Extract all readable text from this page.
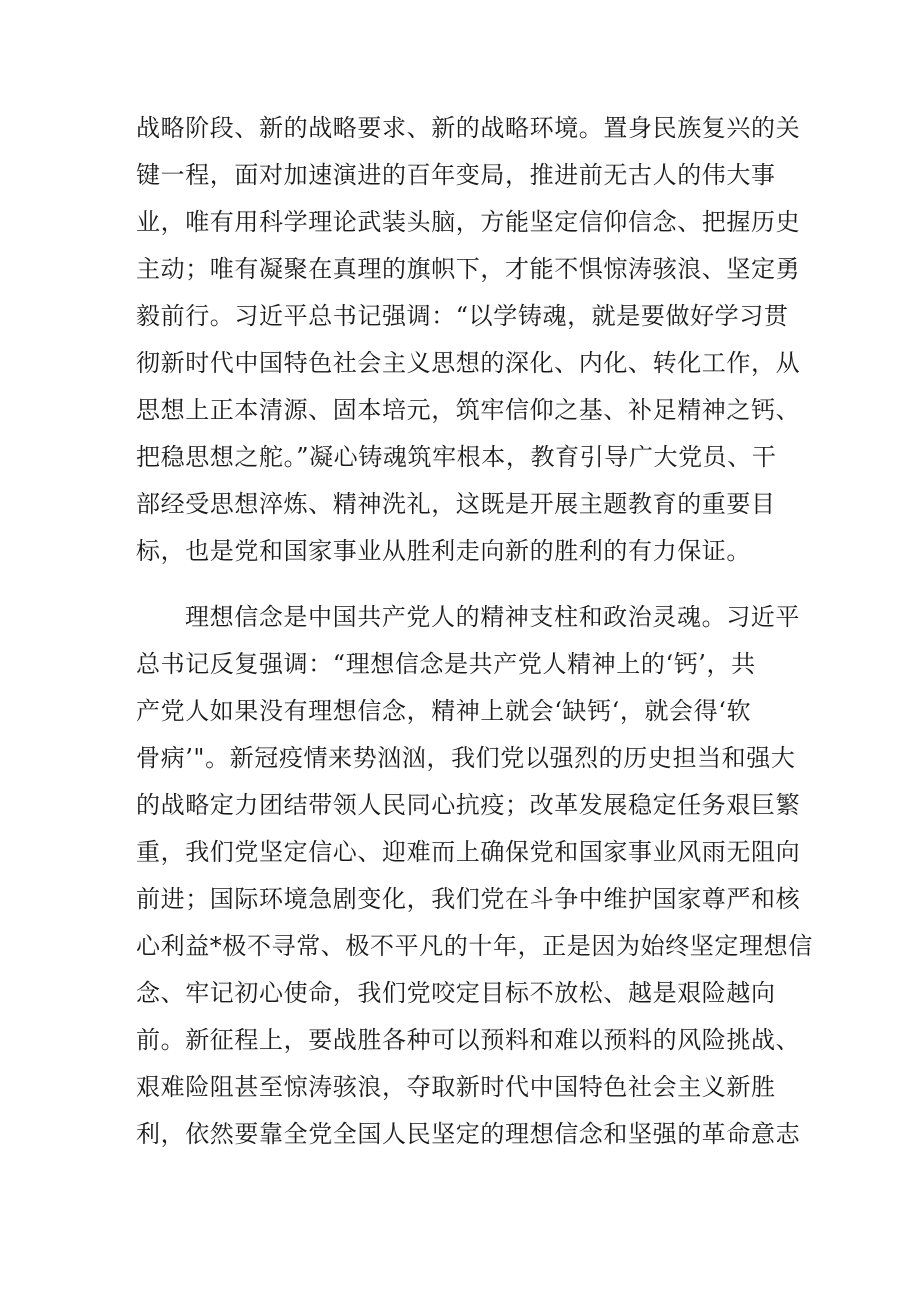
战略阶段、新的战略要求、新的战略环境。置身民族复兴的关
键一程，面对加速演进的百年变局，推进前无古人的伟大事
业，唯有用科学理论武装头脑，方能坚定信仰信念、把握历史
主动；唯有凝聚在真理的旗帜下，才能不惧惊涛骇浪、坚定勇
毅前行。习近平总书记强调：“以学铸魂，就是要做好学习贯
彻新时代中国特色社会主义思想的深化、内化、转化工作，从
思想上正本清源、固本培元，筑牢信仰之基、补足精神之钙、
把稳思想之舵。”凝心铸魂筑牢根本，教育引导广大党员、干
部经受思想淬炼、精神洗礼，这既是开展主题教育的重要目
标，也是党和国家事业从胜利走向新的胜利的有力保证。
理想信念是中国共产党人的精神支柱和政治灵魂。习近平
总书记反复强调：“理想信念是共产党人精神上的‘钙’，共
产党人如果没有理想信念，精神上就会‘缺钙‘，就会得‘软
骨病’"。新冠疫情来势汹汹，我们党以强烈的历史担当和强大
的战略定力团结带领人民同心抗疫；改革发展稳定任务艰巨繁
重，我们党坚定信心、迎难而上确保党和国家事业风雨无阻向
前进；国际环境急剧变化，我们党在斗争中维护国家尊严和核
心利益*极不寻常、极不平凡的十年，正是因为始终坚定理想信
念、牢记初心使命，我们党咬定目标不放松、越是艰险越向
前。新征程上，要战胜各种可以预料和难以预料的风险挑战、
艰难险阻甚至惊涛骇浪，夺取新时代中国特色社会主义新胜
利，依然要靠全党全国人民坚定的理想信念和坚强的革命意志
